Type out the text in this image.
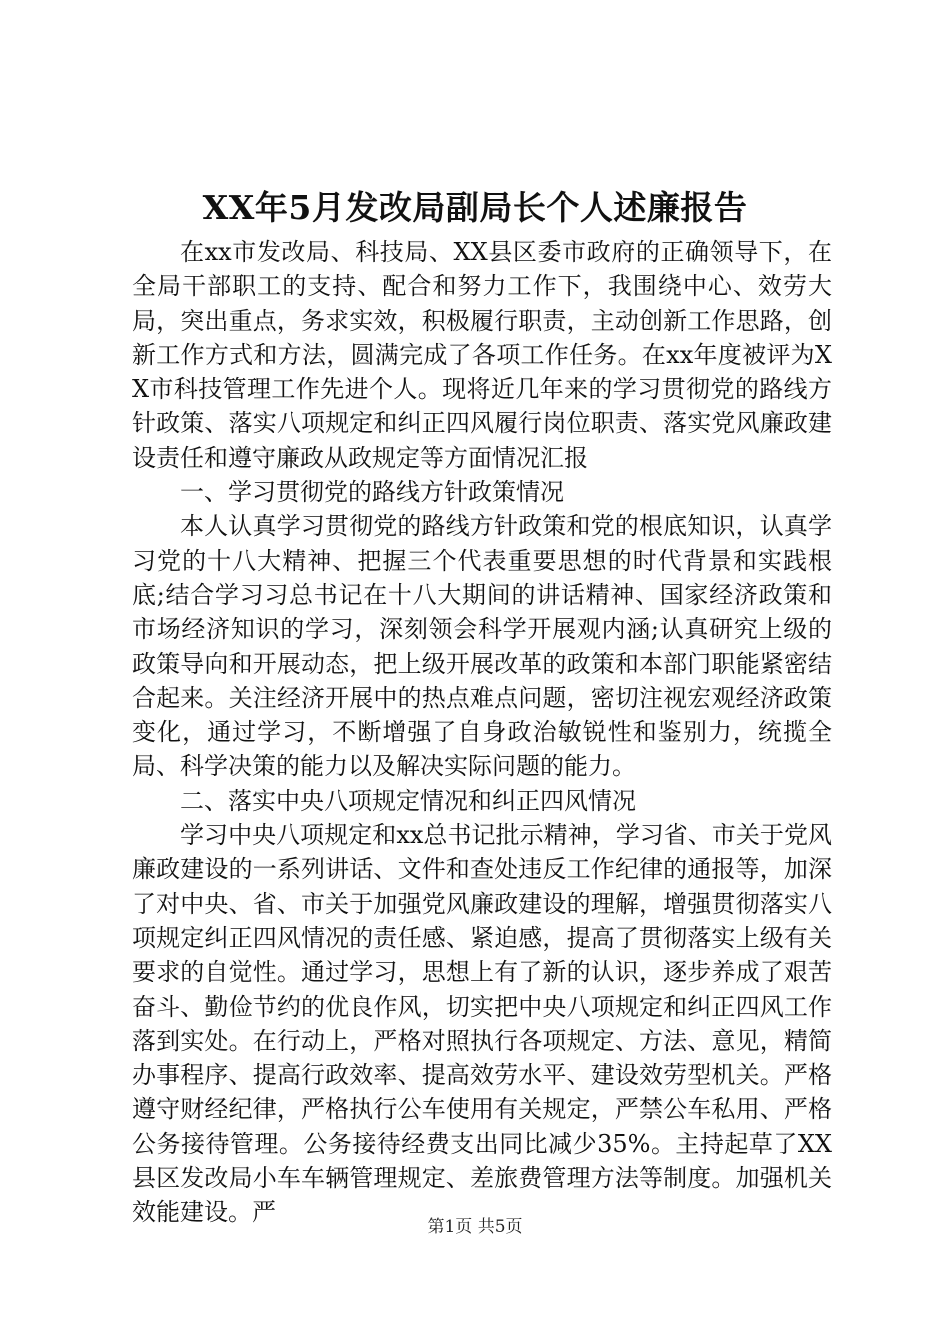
XX年5月发改局副局长个人述廉报告

在xx市发改局、科技局、XX县区委市政府的正确领导下，在全局干部职工的支持、配合和努力工作下，我围绕中心、效劳大局，突出重点，务求实效，积极履行职责，主动创新工作思路，创新工作方式和方法，圆满完成了各项工作任务。在xx年度被评为XX市科技管理工作先进个人。现将近几年来的学习贯彻党的路线方针政策、落实八项规定和纠正四风履行岗位职责、落实党风廉政建设责任和遵守廉政从政规定等方面情况汇报

一、学习贯彻党的路线方针政策情况

本人认真学习贯彻党的路线方针政策和党的根底知识，认真学习党的十八大精神、把握三个代表重要思想的时代背景和实践根底;结合学习习总书记在十八大期间的讲话精神、国家经济政策和市场经济知识的学习，深刻领会科学开展观内涵;认真研究上级的政策导向和开展动态，把上级开展改革的政策和本部门职能紧密结合起来。关注经济开展中的热点难点问题，密切注视宏观经济政策变化，通过学习，不断增强了自身政治敏锐性和鉴别力，统揽全局、科学决策的能力以及解决实际问题的能力。

二、落实中央八项规定情况和纠正四风情况

学习中央八项规定和xx总书记批示精神，学习省、市关于党风廉政建设的一系列讲话、文件和查处违反工作纪律的通报等，加深了对中央、省、市关于加强党风廉政建设的理解，增强贯彻落实八项规定纠正四风情况的责任感、紧迫感，提高了贯彻落实上级有关要求的自觉性。通过学习，思想上有了新的认识，逐步养成了艰苦奋斗、勤俭节约的优良作风，切实把中央八项规定和纠正四风工作落到实处。在行动上，严格对照执行各项规定、方法、意见，精简办事程序、提高行政效率、提高效劳水平、建设效劳型机关。严格遵守财经纪律，严格执行公车使用有关规定，严禁公车私用、严格公务接待管理。公务接待经费支出同比减少35%。主持起草了XX县区发改局小车车辆管理规定、差旅费管理方法等制度。加强机关效能建设。严

第1页 共5页
